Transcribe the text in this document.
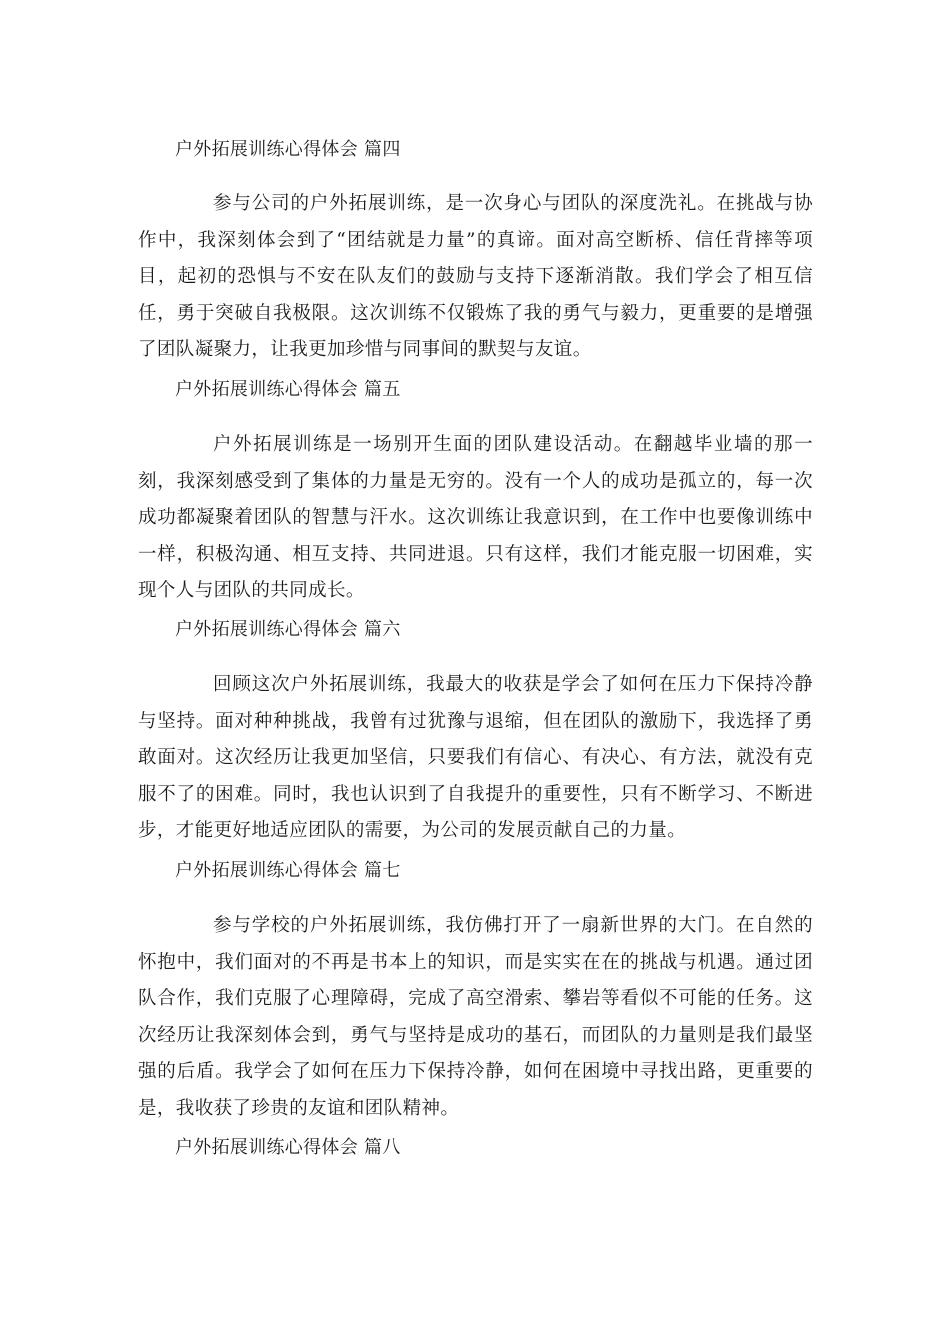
户外拓展训练心得体会 篇四
参与公司的户外拓展训练，是一次身心与团队的深度洗礼。在挑战与协作中，我深刻体会到了“团结就是力量”的真谛。面对高空断桥、信任背摔等项目，起初的恐惧与不安在队友们的鼓励与支持下逐渐消散。我们学会了相互信任，勇于突破自我极限。这次训练不仅锻炼了我的勇气与毅力，更重要的是增强了团队凝聚力，让我更加珍惜与同事间的默契与友谊。
户外拓展训练心得体会 篇五
户外拓展训练是一场别开生面的团队建设活动。在翻越毕业墙的那一刻，我深刻感受到了集体的力量是无穷的。没有一个人的成功是孤立的，每一次成功都凝聚着团队的智慧与汗水。这次训练让我意识到，在工作中也要像训练中一样，积极沟通、相互支持、共同进退。只有这样，我们才能克服一切困难，实现个人与团队的共同成长。
户外拓展训练心得体会 篇六
回顾这次户外拓展训练，我最大的收获是学会了如何在压力下保持冷静与坚持。面对种种挑战，我曾有过犹豫与退缩，但在团队的激励下，我选择了勇敢面对。这次经历让我更加坚信，只要我们有信心、有决心、有方法，就没有克服不了的困难。同时，我也认识到了自我提升的重要性，只有不断学习、不断进步，才能更好地适应团队的需要，为公司的发展贡献自己的力量。
户外拓展训练心得体会 篇七
参与学校的户外拓展训练，我仿佛打开了一扇新世界的大门。在自然的怀抱中，我们面对的不再是书本上的知识，而是实实在在的挑战与机遇。通过团队合作，我们克服了心理障碍，完成了高空滑索、攀岩等看似不可能的任务。这次经历让我深刻体会到，勇气与坚持是成功的基石，而团队的力量则是我们最坚强的后盾。我学会了如何在压力下保持冷静，如何在困境中寻找出路，更重要的是，我收获了珍贵的友谊和团队精神。
户外拓展训练心得体会 篇八
